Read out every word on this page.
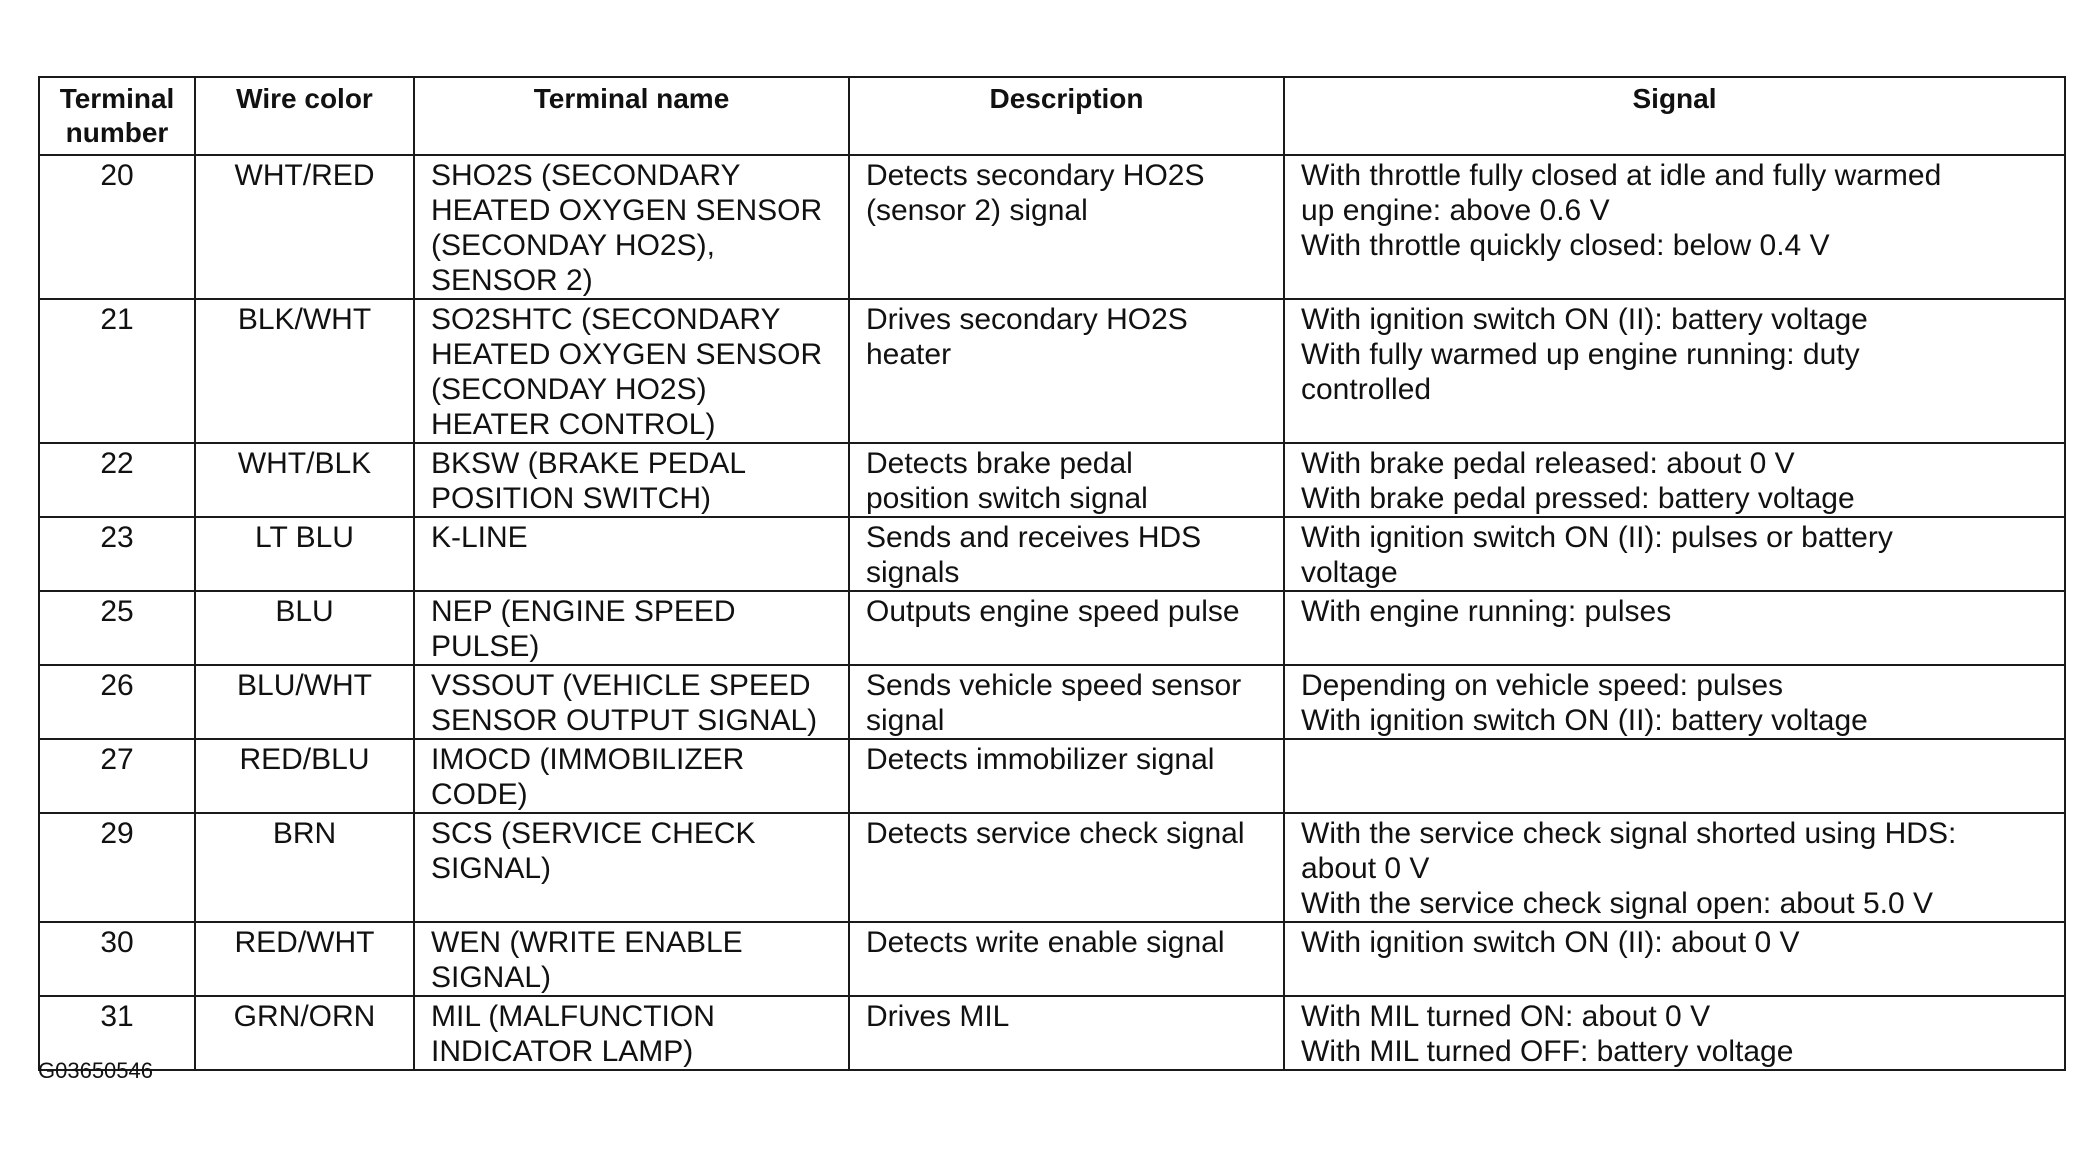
Terminal
number	Wire color	Terminal name	Description	Signal
20	WHT/RED	SHO2S (SECONDARY
HEATED OXYGEN SENSOR
(SECONDAY HO2S),
SENSOR 2)	Detects secondary HO2S
(sensor 2) signal	With throttle fully closed at idle and fully warmed
up engine: above 0.6 V
With throttle quickly closed: below 0.4 V

21	BLK/WHT	SO2SHTC (SECONDARY
HEATED OXYGEN SENSOR
(SECONDAY HO2S)
HEATER CONTROL)	Drives secondary HO2S
heater	With ignition switch ON (II): battery voltage
With fully warmed up engine running: duty
controlled

22	WHT/BLK	BKSW (BRAKE PEDAL
POSITION SWITCH)	Detects brake pedal
position switch signal	With brake pedal released: about 0 V
With brake pedal pressed: battery voltage

23	LT BLU	K-LINE	Sends and receives HDS
signals	With ignition switch ON (II): pulses or battery
voltage

25	BLU	NEP (ENGINE SPEED
PULSE)	Outputs engine speed pulse	With engine running: pulses

26	BLU/WHT	VSSOUT (VEHICLE SPEED
SENSOR OUTPUT SIGNAL)	Sends vehicle speed sensor
signal	Depending on vehicle speed: pulses
With ignition switch ON (II): battery voltage

27	RED/BLU	IMOCD (IMMOBILIZER
CODE)	Detects immobilizer signal	

29	BRN	SCS (SERVICE CHECK
SIGNAL)	Detects service check signal	With the service check signal shorted using HDS:
about 0 V
With the service check signal open: about 5.0 V

30	RED/WHT	WEN (WRITE ENABLE
SIGNAL)	Detects write enable signal	With ignition switch ON (II): about 0 V

31	GRN/ORN	MIL (MALFUNCTION
INDICATOR LAMP)	Drives MIL	With MIL turned ON: about 0 V
With MIL turned OFF: battery voltage
G03650546
